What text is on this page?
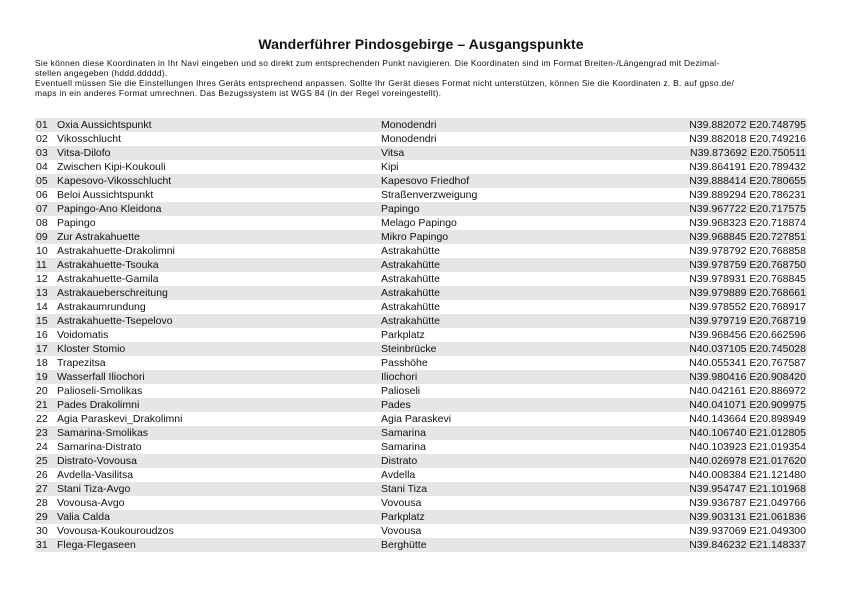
Wanderführer Pindosgebirge – Ausgangspunkte

Sie können diese Koordinaten in Ihr Navi eingeben und so direkt zum entsprechenden Punkt navigieren. Die Koordinaten sind im Format Breiten-/Längengrad mit Dezimal-

stellen angegeben (hddd.ddddd).

Eventuell müssen Sie die Einstellungen Ihres Geräts entsprechend anpassen. Sollte Ihr Gerät dieses Format nicht unterstützen, können Sie die Koordinaten z. B. auf gpso.de/

maps in ein anderes Format umrechnen. Das Bezugssystem ist WGS 84 (in der Regel voreingestellt).

01 Oxia Aussichtspunkt	Monodendri	N39.882072 E20.748795
02 Vikosschlucht	Monodendri	N39.882018 E20.749216
03 Vitsa-Dilofo	Vitsa	N39.873692 E20.750511
04 Zwischen Kipi-Koukouli	Kipi	N39.864191 E20.789432
05 Kapesovo-Vikosschlucht	Kapesovo Friedhof	N39.888414 E20.780655
06 Beloi Aussichtspunkt	Straßenverzweigung	N39.889294 E20.786231
07 Papingo-Ano Kleidona	Papingo	N39.967722 E20.717575
08 Papingo	Melago Papingo	N39.968323 E20.718874
09 Zur Astrakahuette	Mikro Papingo	N39.968845 E20.727851
10 Astrakahuette-Drakolimni	Astrakahütte	N39.978792 E20.768858
11 Astrakahuette-Tsouka	Astrakahütte	N39.978759 E20.768750
12 Astrakahuette-Gamila	Astrakahütte	N39.978931 E20.768845
13 Astrakaueberschreitung	Astrakahütte	N39.979889 E20.768661
14 Astrakaumrundung	Astrakahütte	N39.978552 E20.768917
15 Astrakahuette-Tsepelovo	Astrakahütte	N39.979719 E20.768719
16 Voidomatis	Parkplatz	N39.968456 E20.662596
17 Kloster Stomio	Steinbrücke	N40.037105 E20.745028
18 Trapezitsa	Passhöhe	N40.055341 E20.767587
19 Wasserfall Iliochori	Iliochori	N39.980416 E20.908420
20 Palioseli-Smolikas	Palioseli	N40.042161 E20.886972
21 Pades Drakolimni	Pades	N40.041071 E20.909975
22 Agia Paraskevi_Drakolimni	Agia Paraskevi	N40.143664 E20.898949
23 Samarina-Smolikas	Samarina	N40.106740 E21.012805
24 Samarina-Distrato	Samarina	N40.103923 E21.019354
25 Distrato-Vovousa	Distrato	N40.026978 E21.017620
26 Avdella-Vasilitsa	Avdella	N40.008384 E21.121480
27 Stani Tiza-Avgo	Stani Tiza	N39.954747 E21.101968
28 Vovousa-Avgo	Vovousa	N39.936787 E21.049766
29 Valia Calda	Parkplatz	N39.903131 E21.061836
30 Vovousa-Koukouroudzos	Vovousa	N39.937069 E21.049300
31 Flega-Flegaseen	Berghütte	N39.846232 E21.148337
